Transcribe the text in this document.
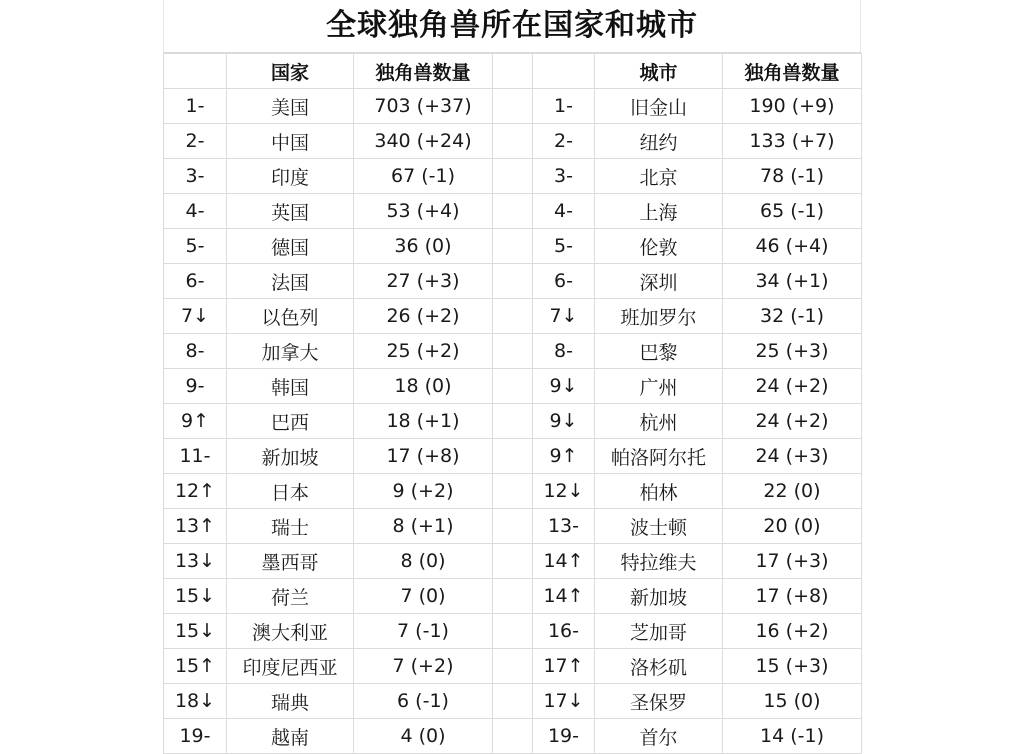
全球独角兽所在国家和城市
	国家	独角兽数量			城市	独角兽数量
1-	美国	703 (+37)		1-	旧金山	190 (+9)
2-	中国	340 (+24)		2-	纽约	133 (+7)
3-	印度	67 (-1)		3-	北京	78 (-1)
4-	英国	53 (+4)		4-	上海	65 (-1)
5-	德国	36 (0)		5-	伦敦	46 (+4)
6-	法国	27 (+3)		6-	深圳	34 (+1)
7↓	以色列	26 (+2)		7↓	班加罗尔	32 (-1)
8-	加拿大	25 (+2)		8-	巴黎	25 (+3)
9-	韩国	18 (0)		9↓	广州	24 (+2)
9↑	巴西	18 (+1)		9↓	杭州	24 (+2)
11-	新加坡	17 (+8)		9↑	帕洛阿尔托	24 (+3)
12↑	日本	9 (+2)		12↓	柏林	22 (0)
13↑	瑞士	8 (+1)		13-	波士顿	20 (0)
13↓	墨西哥	8 (0)		14↑	特拉维夫	17 (+3)
15↓	荷兰	7 (0)		14↑	新加坡	17 (+8)
15↓	澳大利亚	7 (-1)		16-	芝加哥	16 (+2)
15↑	印度尼西亚	7 (+2)		17↑	洛杉矶	15 (+3)
18↓	瑞典	6 (-1)		17↓	圣保罗	15 (0)
19-	越南	4 (0)		19-	首尔	14 (-1)
